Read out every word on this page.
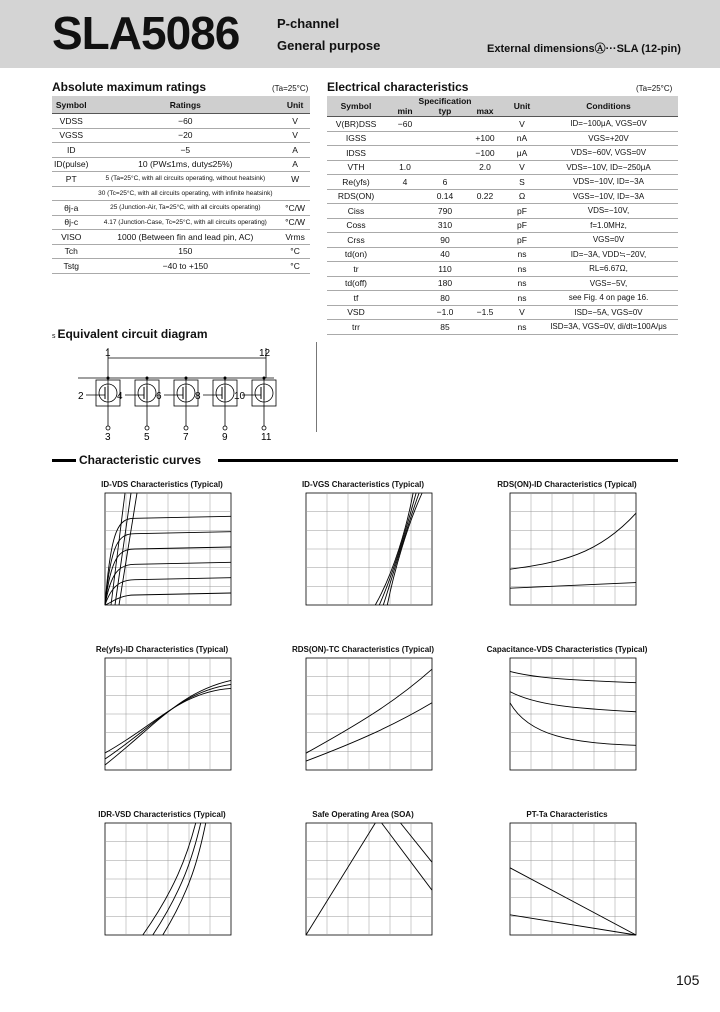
SLA5086	P-channel
General purpose	External dimensionsⒶ···SLA (12-pin)
Absolute maximum ratings	(Ta=25°C)
Symbol	Ratings	Unit
VDSS	−60	V
VGSS	−20	V
ID	−5	A
ID(pulse)	10 (PW≤1ms, duty≤25%)	A
PT	5 (Ta=25°C, with all circuits operating, without heatsink)	W
	30 (Tc=25°C, with all circuits operating, with infinite heatsink)	
θj-a	25 (Junction-Air, Ta=25°C, with all circuits operating)	°C/W
θj-c	4.17 (Junction-Case, Tc=25°C, with all circuits operating)	°C/W
VISO	1000 (Between fin and lead pin, AC)	Vrms
Tch	150	°C
Tstg	−40 to +150	°C
Electrical characteristics	(Ta=25°C)
Symbol	Specification			Unit	Conditions
	min	typ	max		
V(BR)DSS	−60			V	ID=−100μA, VGS=0V
IGSS			+100	nA	VGS=+20V
IDSS			−100	μA	VDS=−60V, VGS=0V
VTH	1.0		2.0	V	VDS=−10V, ID=−250μA
Re(yfs)	4	6		S	VDS=−10V, ID=−3A
RDS(ON)		0.14	0.22	Ω	VGS=−10V, ID=−3A
Ciss		790		pF	VDS=−10V,
Coss		310		pF	f=1.0MHz,
Crss		90		pF	VGS=0V
td(on)		40		ns	ID=−3A, VDD≒−20V,
tr		110		ns	RL=6.67Ω,
td(off)		180		ns	VGS=−5V,
tf		80		ns	see Fig. 4 on page 16.
VSD		−1.0	−1.5	V	ISD=−5A, VGS=0V
trr		85		ns	ISD=3A, VGS=0V, di/dt=100A/μs
s Equivalent circuit diagram
2
3
4
5
6
7
8
9
10
11
1	12
Characteristic curves
ID-VDS Characteristics (Typical)	ID-VGS Characteristics (Typical)	RDS(ON)-ID Characteristics (Typical)
Re(yfs)-ID Characteristics (Typical)	RDS(ON)-TC Characteristics (Typical)	Capacitance-VDS Characteristics (Typical)
IDR-VSD Characteristics (Typical)	Safe Operating Area (SOA)	PT-Ta Characteristics
105
